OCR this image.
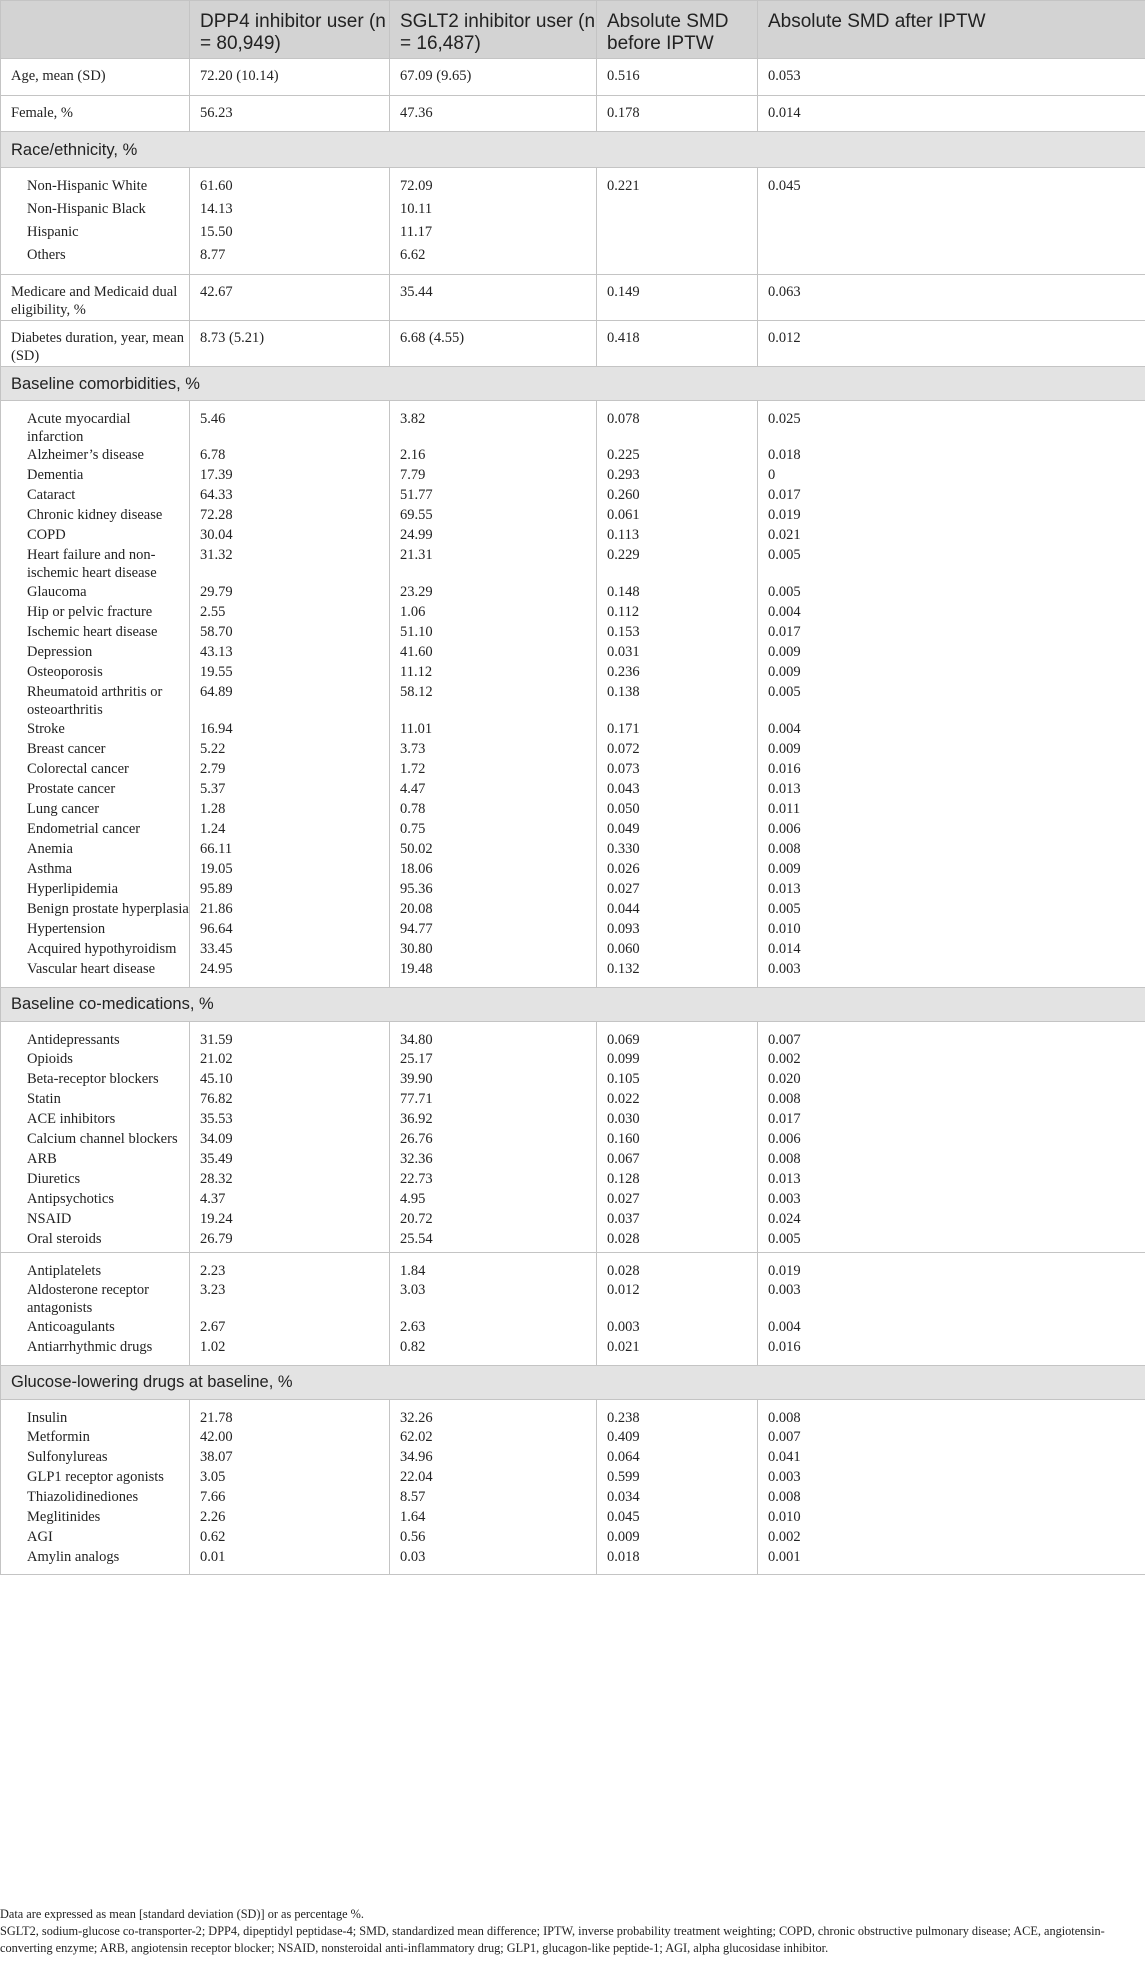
	DPP4 inhibitor user (n = 80,949)	SGLT2 inhibitor user (n = 16,487)	Absolute SMD before IPTW	Absolute SMD after IPTW
Age, mean (SD)	72.20 (10.14)	67.09 (9.65)	0.516	0.053
Female, %	56.23	47.36	0.178	0.014
Race/ethnicity, %				
Non-Hispanic White	61.60	72.09	0.221	0.045
Non-Hispanic Black	14.13	10.11		
Hispanic	15.50	11.17		
Others	8.77	6.62		
Medicare and Medicaid dual eligibility, %	42.67	35.44	0.149	0.063
Diabetes duration, year, mean (SD)	8.73 (5.21)	6.68 (4.55)	0.418	0.012
Baseline comorbidities, %				
Acute myocardial infarction	5.46	3.82	0.078	0.025
Alzheimer’s disease	6.78	2.16	0.225	0.018
Dementia	17.39	7.79	0.293	0
Cataract	64.33	51.77	0.260	0.017
Chronic kidney disease	72.28	69.55	0.061	0.019
COPD	30.04	24.99	0.113	0.021
Heart failure and non-ischemic heart disease	31.32	21.31	0.229	0.005
Glaucoma	29.79	23.29	0.148	0.005
Hip or pelvic fracture	2.55	1.06	0.112	0.004
Ischemic heart disease	58.70	51.10	0.153	0.017
Depression	43.13	41.60	0.031	0.009
Osteoporosis	19.55	11.12	0.236	0.009
Rheumatoid arthritis or osteoarthritis	64.89	58.12	0.138	0.005
Stroke	16.94	11.01	0.171	0.004
Breast cancer	5.22	3.73	0.072	0.009
Colorectal cancer	2.79	1.72	0.073	0.016
Prostate cancer	5.37	4.47	0.043	0.013
Lung cancer	1.28	0.78	0.050	0.011
Endometrial cancer	1.24	0.75	0.049	0.006
Anemia	66.11	50.02	0.330	0.008
Asthma	19.05	18.06	0.026	0.009
Hyperlipidemia	95.89	95.36	0.027	0.013
Benign prostate hyperplasia	21.86	20.08	0.044	0.005
Hypertension	96.64	94.77	0.093	0.010
Acquired hypothyroidism	33.45	30.80	0.060	0.014
Vascular heart disease	24.95	19.48	0.132	0.003
Baseline co-medications, %				
Antidepressants	31.59	34.80	0.069	0.007
Opioids	21.02	25.17	0.099	0.002
Beta-receptor blockers	45.10	39.90	0.105	0.020
Statin	76.82	77.71	0.022	0.008
ACE inhibitors	35.53	36.92	0.030	0.017
Calcium channel blockers	34.09	26.76	0.160	0.006
ARB	35.49	32.36	0.067	0.008
Diuretics	28.32	22.73	0.128	0.013
Antipsychotics	4.37	4.95	0.027	0.003
NSAID	19.24	20.72	0.037	0.024
Oral steroids	26.79	25.54	0.028	0.005
Antiplatelets	2.23	1.84	0.028	0.019
Aldosterone receptor antagonists	3.23	3.03	0.012	0.003
Anticoagulants	2.67	2.63	0.003	0.004
Antiarrhythmic drugs	1.02	0.82	0.021	0.016
Glucose-lowering drugs at baseline, %				
Insulin	21.78	32.26	0.238	0.008
Metformin	42.00	62.02	0.409	0.007
Sulfonylureas	38.07	34.96	0.064	0.041
GLP1 receptor agonists	3.05	22.04	0.599	0.003
Thiazolidinediones	7.66	8.57	0.034	0.008
Meglitinides	2.26	1.64	0.045	0.010
AGI	0.62	0.56	0.009	0.002
Amylin analogs	0.01	0.03	0.018	0.001

Data are expressed as mean [standard deviation (SD)] or as percentage %.

SGLT2, sodium-glucose co-transporter-2; DPP4, dipeptidyl peptidase-4; SMD, standardized mean difference; IPTW, inverse probability treatment weighting; COPD, chronic obstructive pulmonary disease; ACE, angiotensin-converting enzyme; ARB, angiotensin receptor blocker; NSAID, nonsteroidal anti-inflammatory drug; GLP1, glucagon-like peptide-1; AGI, alpha glucosidase inhibitor.
